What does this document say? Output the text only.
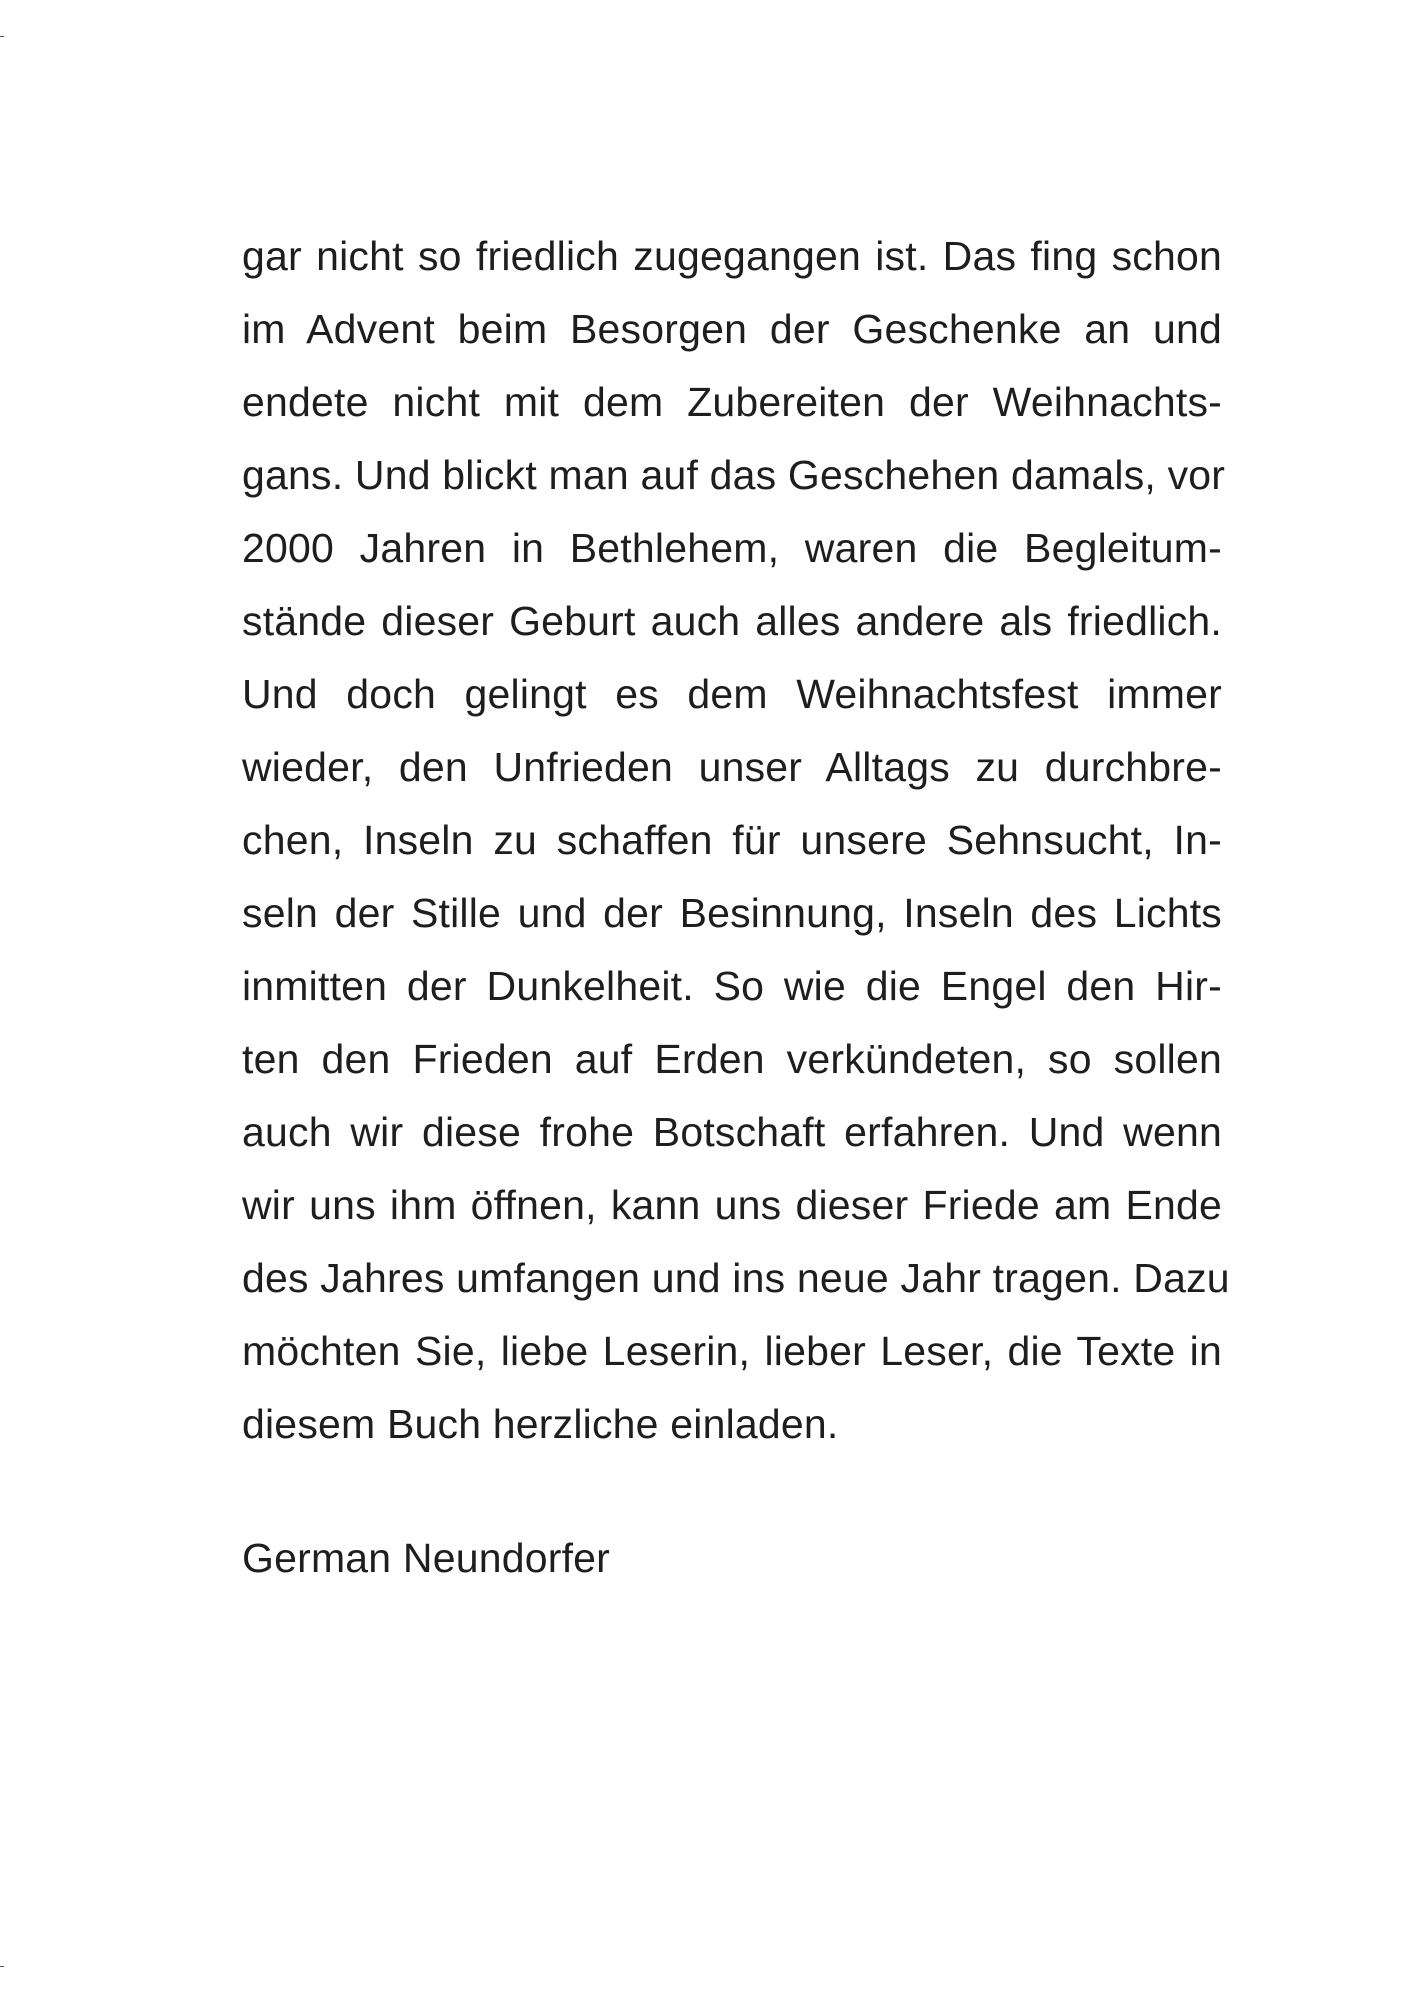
gar nicht so friedlich zugegangen ist. Das fing schon
im Advent beim Besorgen der Geschenke an und
endete nicht mit dem Zubereiten der Weihnachts-
gans. Und blickt man auf das Geschehen damals, vor
2000 Jahren in Bethlehem, waren die Begleitum-
stände dieser Geburt auch alles andere als friedlich.
Und doch gelingt es dem Weihnachtsfest immer
wieder, den Unfrieden unser Alltags zu durchbre-
chen, Inseln zu schaffen für unsere Sehnsucht, In-
seln der Stille und der Besinnung, Inseln des Lichts
inmitten der Dunkelheit. So wie die Engel den Hir-
ten den Frieden auf Erden verkündeten, so sollen
auch wir diese frohe Botschaft erfahren. Und wenn
wir uns ihm öffnen, kann uns dieser Friede am Ende
des Jahres umfangen und ins neue Jahr tragen. Dazu
möchten Sie, liebe Leserin, lieber Leser, die Texte in
diesem Buch herzliche einladen.
German Neundorfer
